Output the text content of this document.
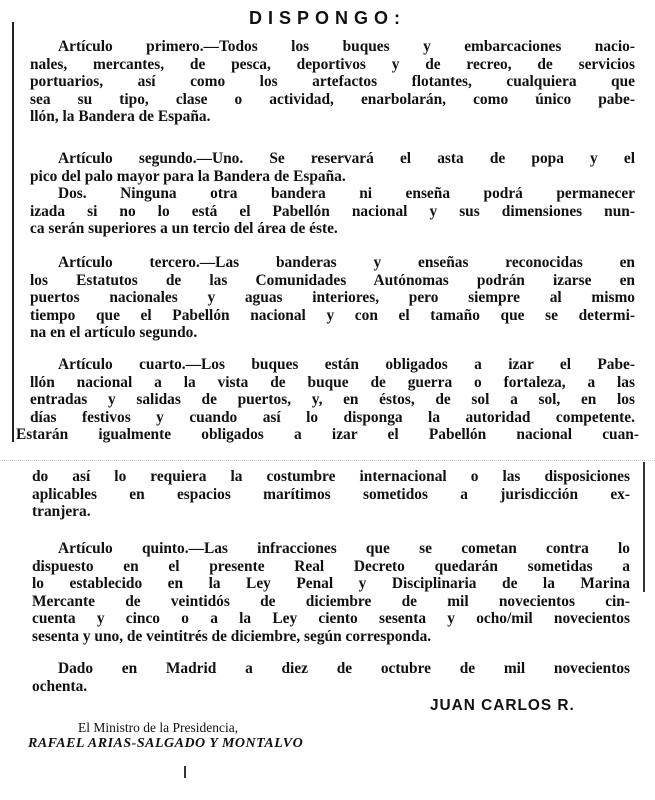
DISPONGO:
Artículo primero.—Todos los buques y embarcaciones nacio-
nales, mercantes, de pesca, deportivos y de recreo, de servicios
portuarios, así como los artefactos flotantes, cualquiera que
sea su tipo, clase o actividad, enarbolarán, como único pabe-
llón, la Bandera de España.
Artículo segundo.—Uno. Se reservará el asta de popa y el
pico del palo mayor para la Bandera de España.
Dos. Ninguna otra bandera ni enseña podrá permanecer
izada si no lo está el Pabellón nacional y sus dimensiones nun-
ca serán superiores a un tercio del área de éste.
Artículo tercero.—Las banderas y enseñas reconocidas en
los Estatutos de las Comunidades Autónomas podrán izarse en
puertos nacionales y aguas interiores, pero siempre al mismo
tiempo que el Pabellón nacional y con el tamaño que se determi-
na en el artículo segundo.
Artículo cuarto.—Los buques están obligados a izar el Pabe-
llón nacional a la vista de buque de guerra o fortaleza, a las
entradas y salidas de puertos, y, en éstos, de sol a sol, en los
días festivos y cuando así lo disponga la autoridad competente.
Estarán igualmente obligados a izar el Pabellón nacional cuan-
do así lo requiera la costumbre internacional o las disposiciones
aplicables en espacios marítimos sometidos a jurisdicción ex-
tranjera.
Artículo quinto.—Las infracciones que se cometan contra lo
dispuesto en el presente Real Decreto quedarán sometidas a
lo establecido en la Ley Penal y Disciplinaria de la Marina
Mercante de veintidós de diciembre de mil novecientos cin-
cuenta y cinco o a la Ley ciento sesenta y ocho/mil novecientos
sesenta y uno, de veintitrés de diciembre, según corresponda.
Dado en Madrid a diez de octubre de mil novecientos
ochenta.
JUAN CARLOS R.
El Ministro de la Presidencia,
RAFAEL ARIAS-SALGADO Y MONTALVO
